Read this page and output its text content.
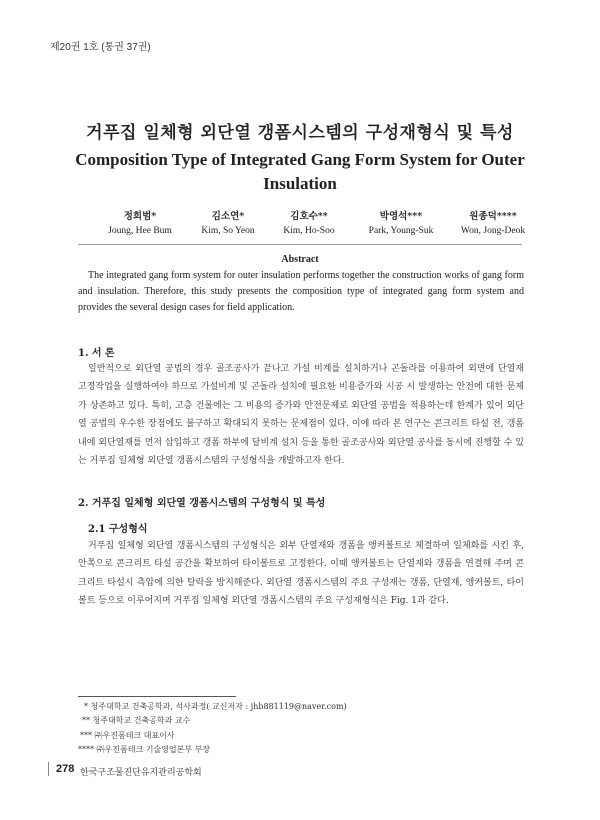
제20권 1호 (통권 37권)
거푸집 일체형 외단열 갱폼시스템의 구성재형식 및 특성
Composition Type of Integrated Gang Form System for Outer Insulation
정희범*
Joung, Hee Bum
김소연*
Kim, So Yeon
김호수**
Kim, Ho-Soo
박영석***
Park, Young-Suk
원종덕****
Won, Jong-Deok
Abstract

The integrated gang form system for outer insulation performs together the construction works of gang form and insulation. Therefore, this study presents the composition type of integrated gang form system and provides the several design cases for field application.

1. 서 론

일반적으로 외단열 공법의 경우 골조공사가 끝나고 가설 비계를 설치하거나 곤돌라를 이용하여 외면에 단열재 고정작업을 실행하여야 하므로 가설비계 및 곤돌라 설치에 필요한 비용증가와 시공 시 발생하는 안전에 대한 문제가 상존하고 있다. 특히, 고층 건물에는 그 비용의 증가와 안전문제로 외단열 공법을 적용하는데 한계가 있어 외단열 공법의 우수한 장점에도 불구하고 확대되지 못하는 문제점이 있다. 이에 따라 본 연구는 콘크리트 타설 전, 갱폼 내에 외단열재를 먼저 삽입하고 갱폼 하부에 달비계 설치 등을 통한 골조공사와 외단열 공사를 동시에 진행할 수 있는 거푸집 일체형 외단열 갱폼시스템의 구성형식을 개발하고자 한다.

2. 거푸집 일체형 외단열 갱폼시스템의 구성형식 및 특성
2.1 구성형식

거푸집 일체형 외단열 갱폼시스템의 구성형식은 외부 단열재와 갱폼을 앵커볼트로 체결하여 일체화를 시킨 후, 안쪽으로 콘크리트 타설 공간을 확보하여 타이볼트로 고정한다. 이때 앵커볼트는 단열재와 갱폼을 연결해 주며 콘크리트 타설시 측압에 의한 탈락을 방지해준다. 외단열 갱폼시스템의 주요 구성재는 갱폼, 단열재, 앵커볼트, 타이볼트 등으로 이루어지며 거푸집 일체형 외단열 갱폼시스템의 주요 구성재형식은 Fig. 1과 같다.

* 청주대학교 건축공학과, 석사과정( 교신저자 : jhb881119@naver.com)
** 청주대학교 건축공학과 교수
*** ㈜우진폼테크 대표이사
**** ㈜우진폼테크 기술영업본부 부장
278 한국구조물진단유지관리공학회
